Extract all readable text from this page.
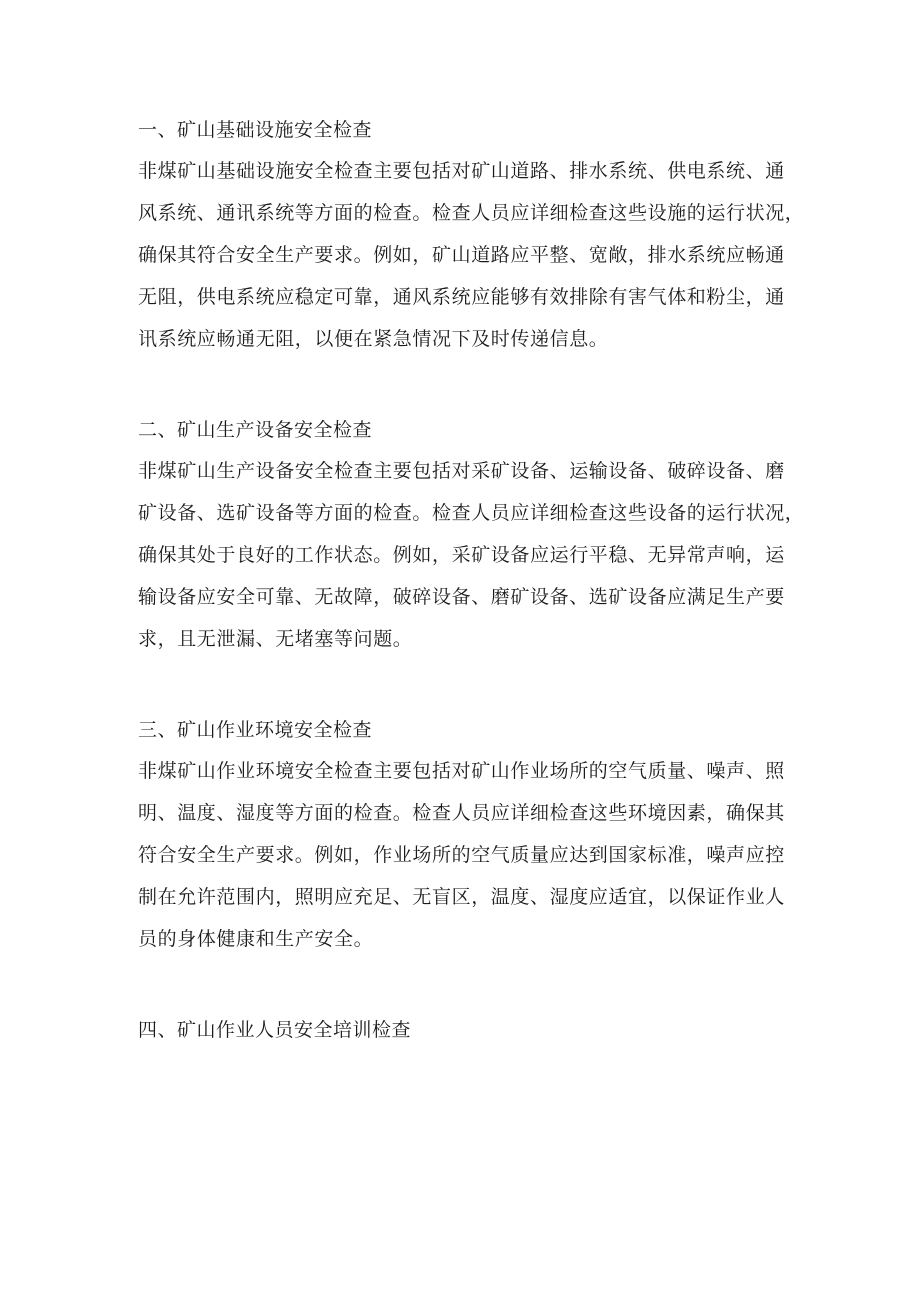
一、矿山基础设施安全检查

非煤矿山基础设施安全检查主要包括对矿山道路、排水系统、供电系统、通
风系统、通讯系统等方面的检查。检查人员应详细检查这些设施的运行状况，
确保其符合安全生产要求。例如，矿山道路应平整、宽敞，排水系统应畅通
无阻，供电系统应稳定可靠，通风系统应能够有效排除有害气体和粉尘，通
讯系统应畅通无阻，以便在紧急情况下及时传递信息。

二、矿山生产设备安全检查

非煤矿山生产设备安全检查主要包括对采矿设备、运输设备、破碎设备、磨
矿设备、选矿设备等方面的检查。检查人员应详细检查这些设备的运行状况，
确保其处于良好的工作状态。例如，采矿设备应运行平稳、无异常声响，运
输设备应安全可靠、无故障，破碎设备、磨矿设备、选矿设备应满足生产要
求，且无泄漏、无堵塞等问题。

三、矿山作业环境安全检查

非煤矿山作业环境安全检查主要包括对矿山作业场所的空气质量、噪声、照
明、温度、湿度等方面的检查。检查人员应详细检查这些环境因素，确保其
符合安全生产要求。例如，作业场所的空气质量应达到国家标准，噪声应控
制在允许范围内，照明应充足、无盲区，温度、湿度应适宜，以保证作业人
员的身体健康和生产安全。

四、矿山作业人员安全培训检查
